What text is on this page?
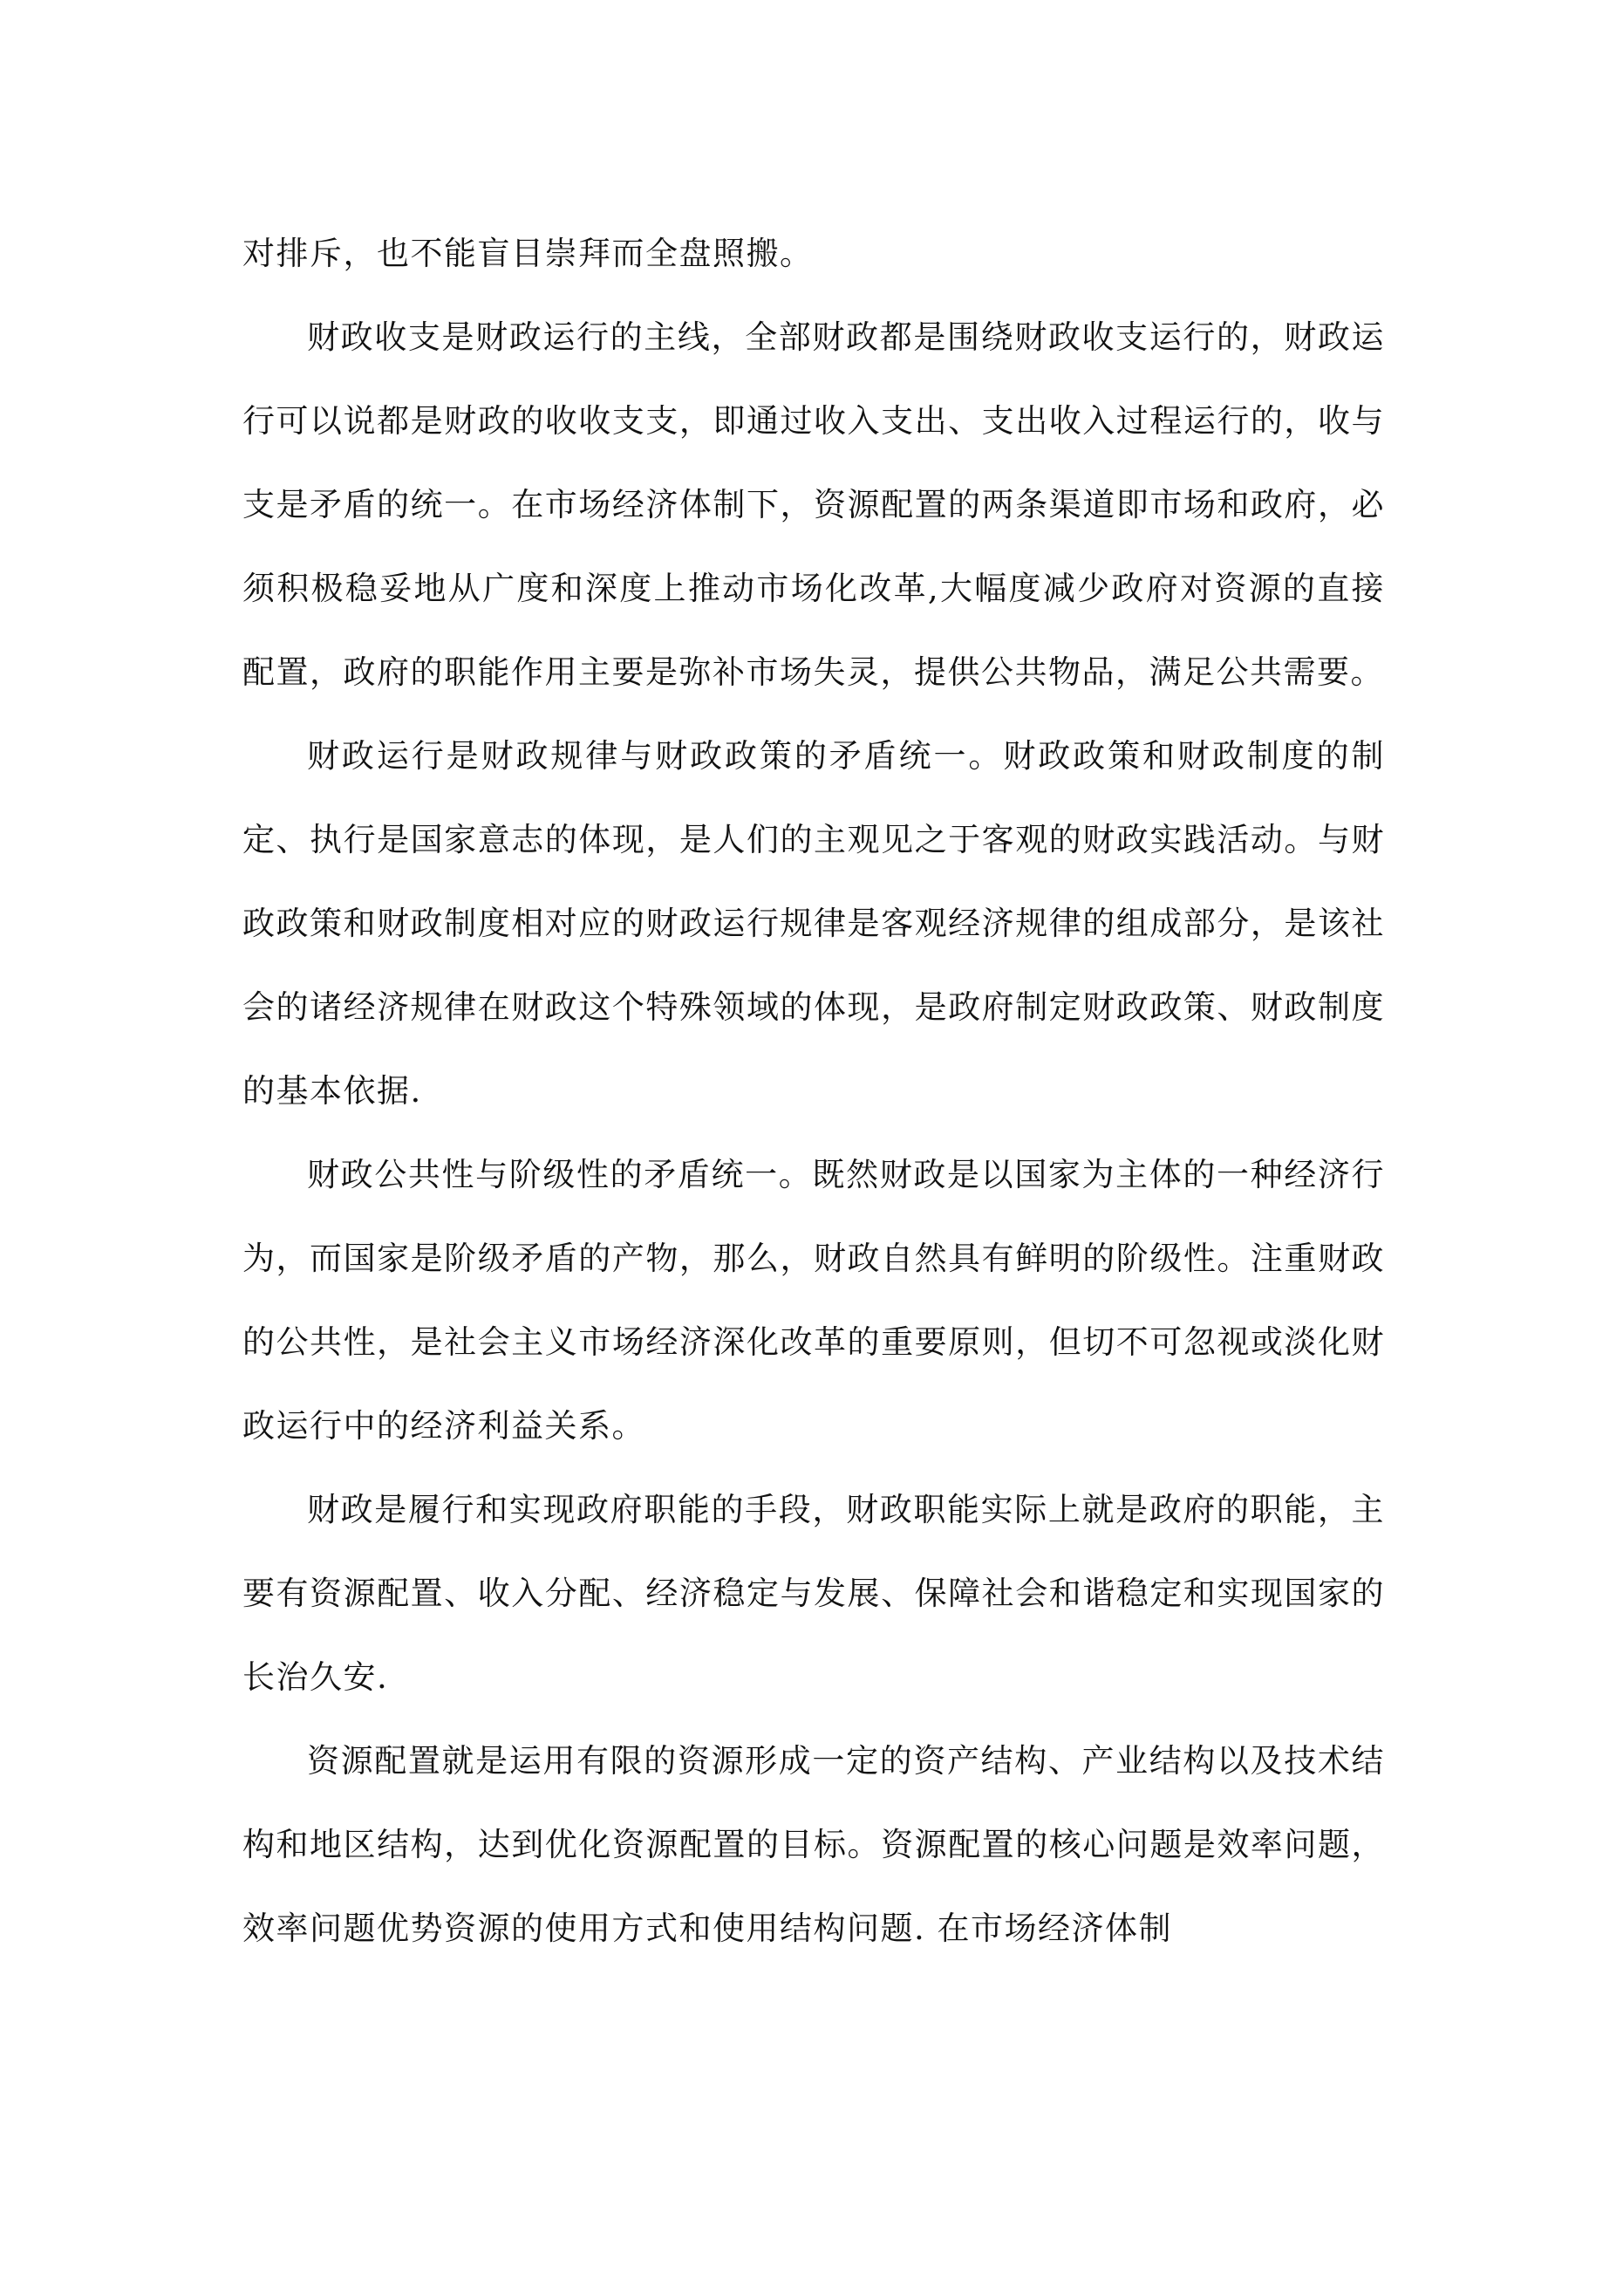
对排斥，也不能盲目崇拜而全盘照搬。

财政收支是财政运行的主线，全部财政都是围绕财政收支运行的，财政运行可以说都是财政的收收支支，即通过收入支出、支出收入过程运行的，收与支是矛盾的统一。在市场经济体制下，资源配置的两条渠道即市场和政府，必须积极稳妥地从广度和深度上推动市场化改革,大幅度减少政府对资源的直接配置，政府的职能作用主要是弥补市场失灵，提供公共物品，满足公共需要。

财政运行是财政规律与财政政策的矛盾统一。财政政策和财政制度的制定、执行是国家意志的体现，是人们的主观见之于客观的财政实践活动。与财政政策和财政制度相对应的财政运行规律是客观经济规律的组成部分，是该社会的诸经济规律在财政这个特殊领域的体现，是政府制定财政政策、财政制度的基本依据.

财政公共性与阶级性的矛盾统一。既然财政是以国家为主体的一种经济行为，而国家是阶级矛盾的产物，那么，财政自然具有鲜明的阶级性。注重财政的公共性，是社会主义市场经济深化改革的重要原则，但切不可忽视或淡化财政运行中的经济利益关系。

财政是履行和实现政府职能的手段，财政职能实际上就是政府的职能，主要有资源配置、收入分配、经济稳定与发展、保障社会和谐稳定和实现国家的长治久安.

资源配置就是运用有限的资源形成一定的资产结构、产业结构以及技术结构和地区结构，达到优化资源配置的目标。资源配置的核心问题是效率问题，效率问题优势资源的使用方式和使用结构问题. 在市场经济体制
